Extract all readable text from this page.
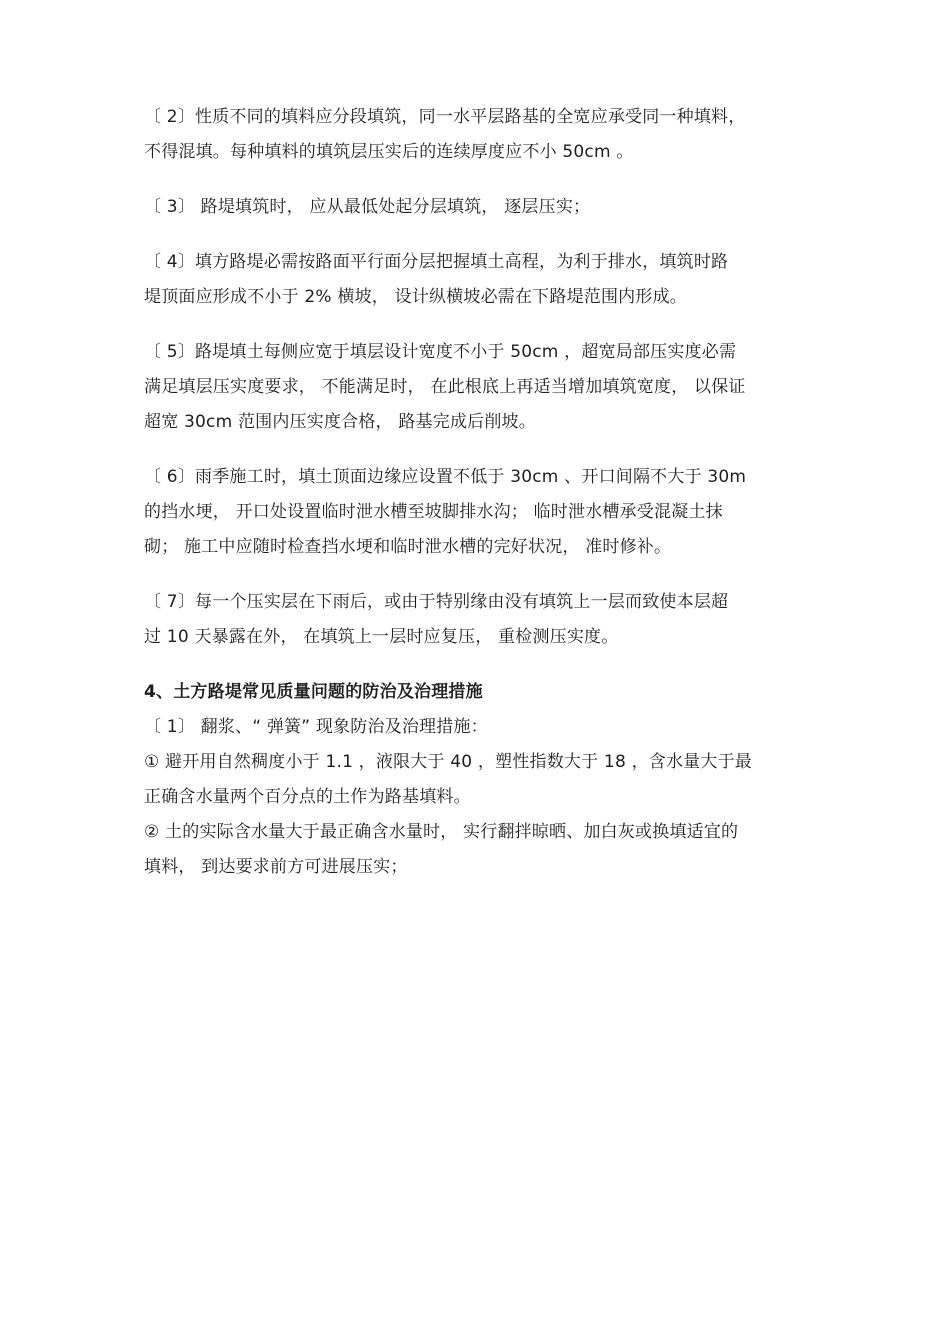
〔 2〕性质不同的填料应分段填筑，同一水平层路基的全宽应承受同一种填料，
不得混填。每种填料的填筑层压实后的连续厚度应不小 50cm 。

〔 3〕 路堤填筑时， 应从最低处起分层填筑， 逐层压实；

〔 4〕填方路堤必需按路面平行面分层把握填土高程，为利于排水，填筑时路
堤顶面应形成不小于 2% 横坡， 设计纵横坡必需在下路堤范围内形成。

〔 5〕路堤填土每侧应宽于填层设计宽度不小于 50cm ，超宽局部压实度必需
满足填层压实度要求， 不能满足时， 在此根底上再适当增加填筑宽度， 以保证
超宽 30cm 范围内压实度合格， 路基完成后削坡。

〔 6〕雨季施工时，填土顶面边缘应设置不低于 30cm 、开口间隔不大于 30m
的挡水埂， 开口处设置临时泄水槽至坡脚排水沟； 临时泄水槽承受混凝土抹
砌； 施工中应随时检查挡水埂和临时泄水槽的完好状况， 准时修补。

〔 7〕每一个压实层在下雨后，或由于特别缘由没有填筑上一层而致使本层超
过 10 天暴露在外， 在填筑上一层时应复压， 重检测压实度。

4、土方路堤常见质量问题的防治及治理措施

〔 1〕 翻浆、“ 弹簧” 现象防治及治理措施：

① 避开用自然稠度小于 1.1 ，液限大于 40 ，塑性指数大于 18 ，含水量大于最
正确含水量两个百分点的土作为路基填料。

② 土的实际含水量大于最正确含水量时， 实行翻拌晾晒、加白灰或换填适宜的
填料， 到达要求前方可进展压实；
